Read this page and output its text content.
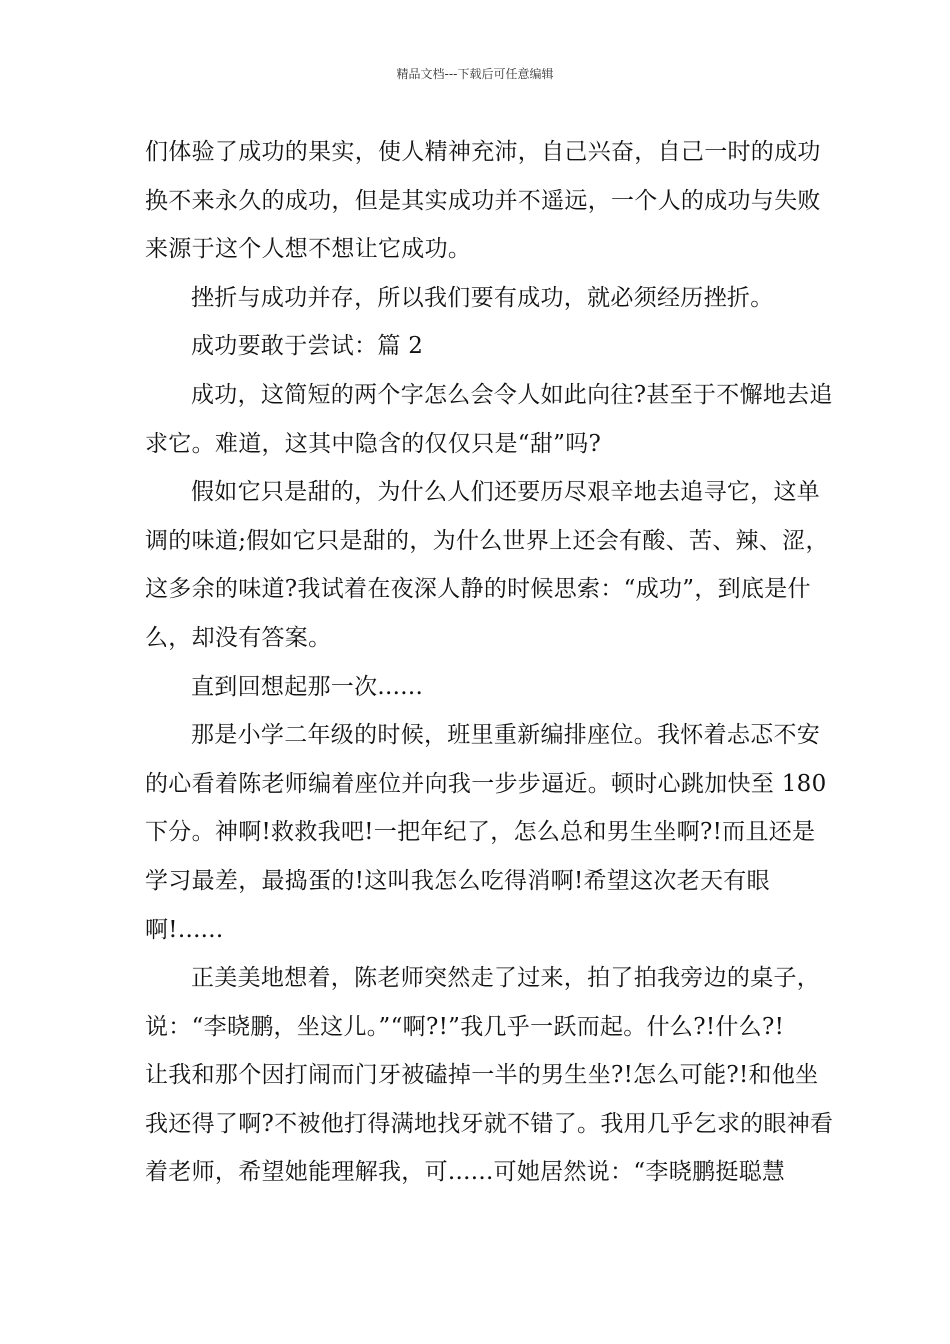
精品文档---下载后可任意编辑
们体验了成功的果实，使人精神充沛，自己兴奋，自己一时的成功
换不来永久的成功，但是其实成功并不遥远，一个人的成功与失败
来源于这个人想不想让它成功。
挫折与成功并存，所以我们要有成功，就必须经历挫折。
成功要敢于尝试：篇 2
成功，这简短的两个字怎么会令人如此向往?甚至于不懈地去追
求它。难道，这其中隐含的仅仅只是“甜”吗?
假如它只是甜的，为什么人们还要历尽艰辛地去追寻它，这单
调的味道;假如它只是甜的，为什么世界上还会有酸、苦、辣、涩，
这多余的味道?我试着在夜深人静的时候思索：“成功”，到底是什
么，却没有答案。
直到回想起那一次......
那是小学二年级的时候，班里重新编排座位。我怀着忐忑不安
的心看着陈老师编着座位并向我一步步逼近。顿时心跳加快至 180
下分。神啊!救救我吧!一把年纪了，怎么总和男生坐啊?!而且还是
学习最差，最捣蛋的!这叫我怎么吃得消啊!希望这次老天有眼
啊!......
正美美地想着，陈老师突然走了过来，拍了拍我旁边的桌子，
说：“李晓鹏，坐这儿。”“啊?!”我几乎一跃而起。什么?!什么?!
让我和那个因打闹而门牙被磕掉一半的男生坐?!怎么可能?!和他坐
我还得了啊?不被他打得满地找牙就不错了。我用几乎乞求的眼神看
着老师，希望她能理解我，可......可她居然说：“李晓鹏挺聪慧
